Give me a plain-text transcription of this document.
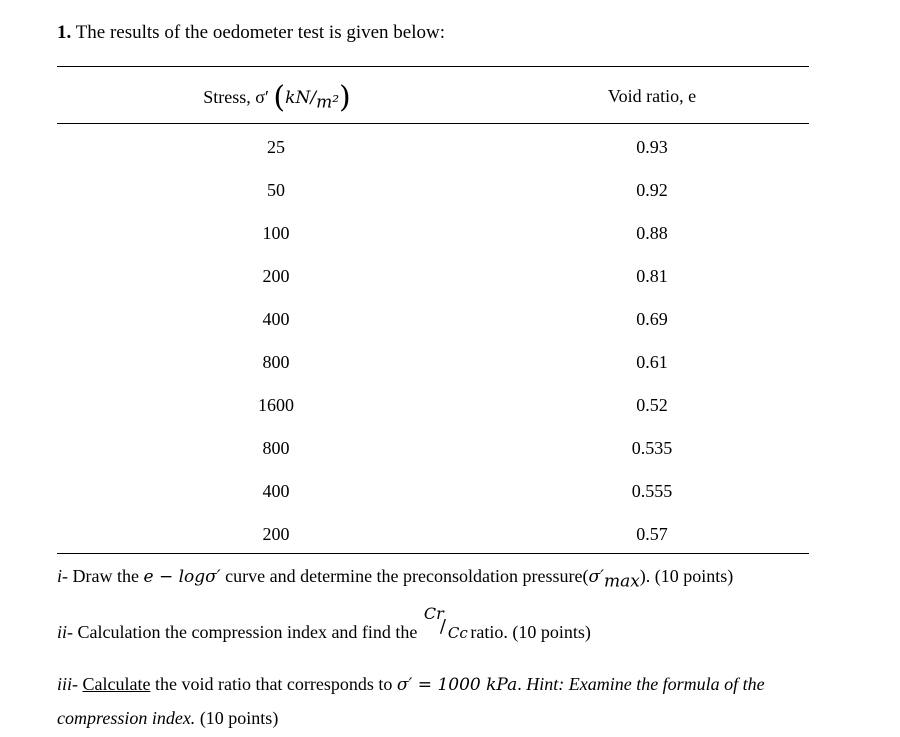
1. The results of the oedometer test is given below:
Stress, σ′ $(kN/_{m^2})$	Void ratio, e
25	0.93
50	0.92
100	0.88
200	0.81
400	0.69
800	0.61
1600	0.52
800	0.535
400	0.555
200	0.57
i- Draw the e − logσ′ curve and determine the preconsoldation $pressure(\sigma'_{max})$. (10 points)
ii- Calculation the compression index and find the
Cr
/ Cc
ratio. (10 points)
iii- Calculate the void ratio that corresponds to σ′ = 1000 kPa. Hint: Examine the formula of the
compression index. (10 points)
